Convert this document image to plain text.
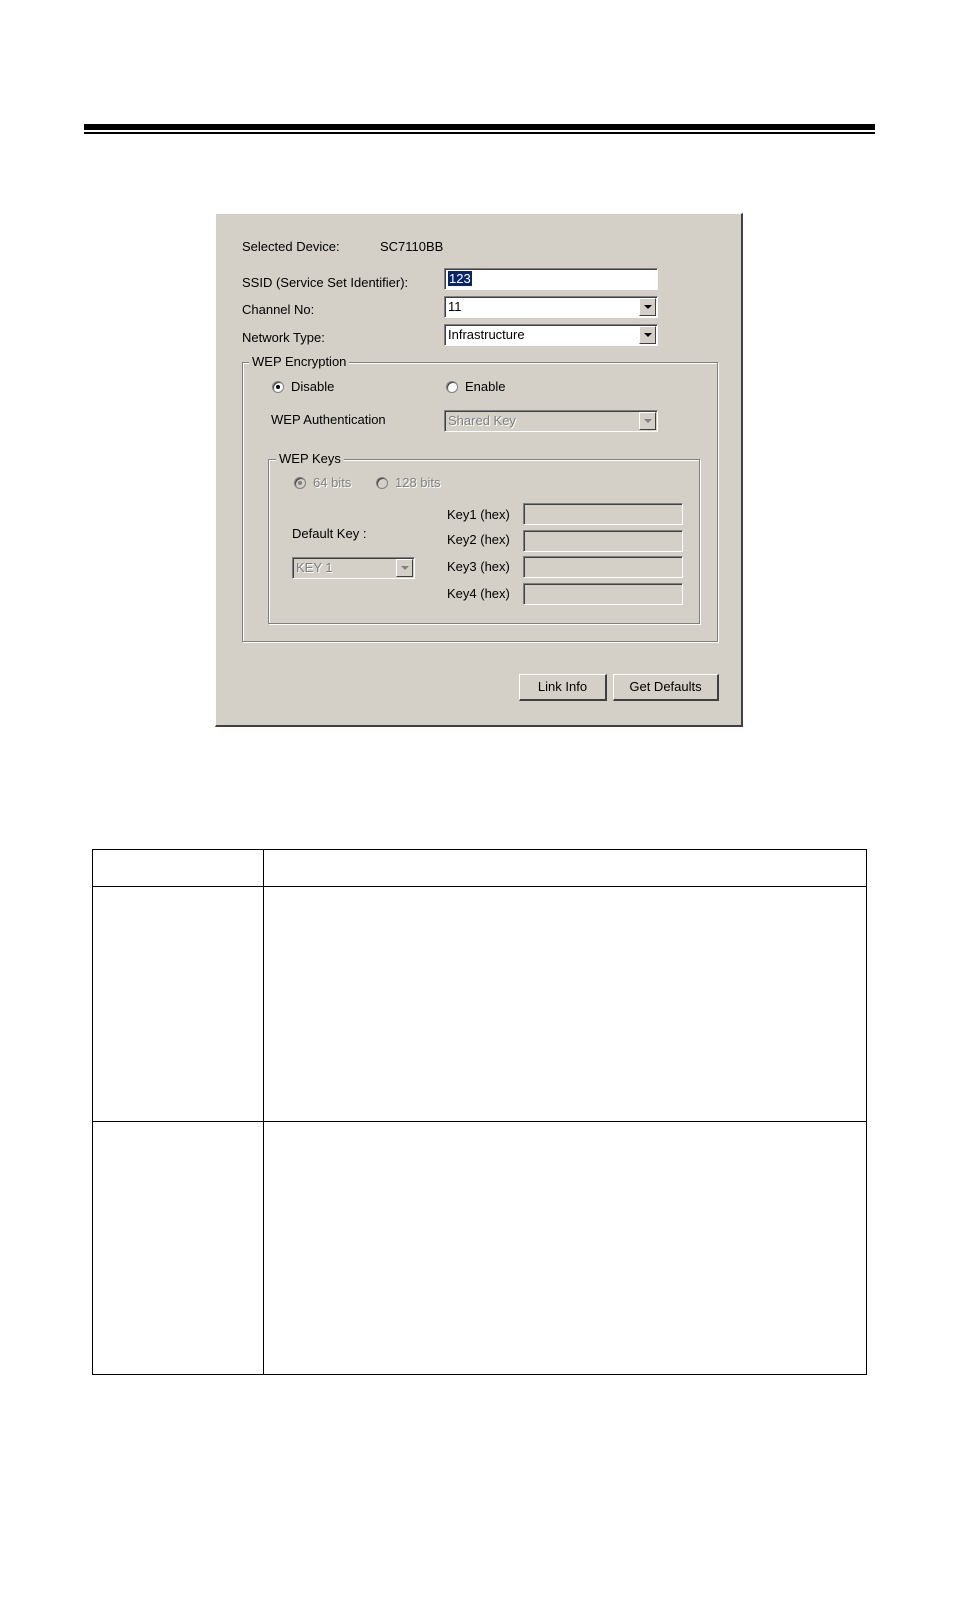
Selected Device:	SC7110BB
SSID (Service Set Identifier):	123
Channel No:	11
Network Type:	Infrastructure
WEP Encryption
Disable	Enable
WEP Authentication	Shared Key
WEP Keys
64 bits	128 bits
Default Key :
KEY 1
Key1 (hex)
Key2 (hex)
Key3 (hex)
Key4 (hex)
Link Info	Get Defaults
